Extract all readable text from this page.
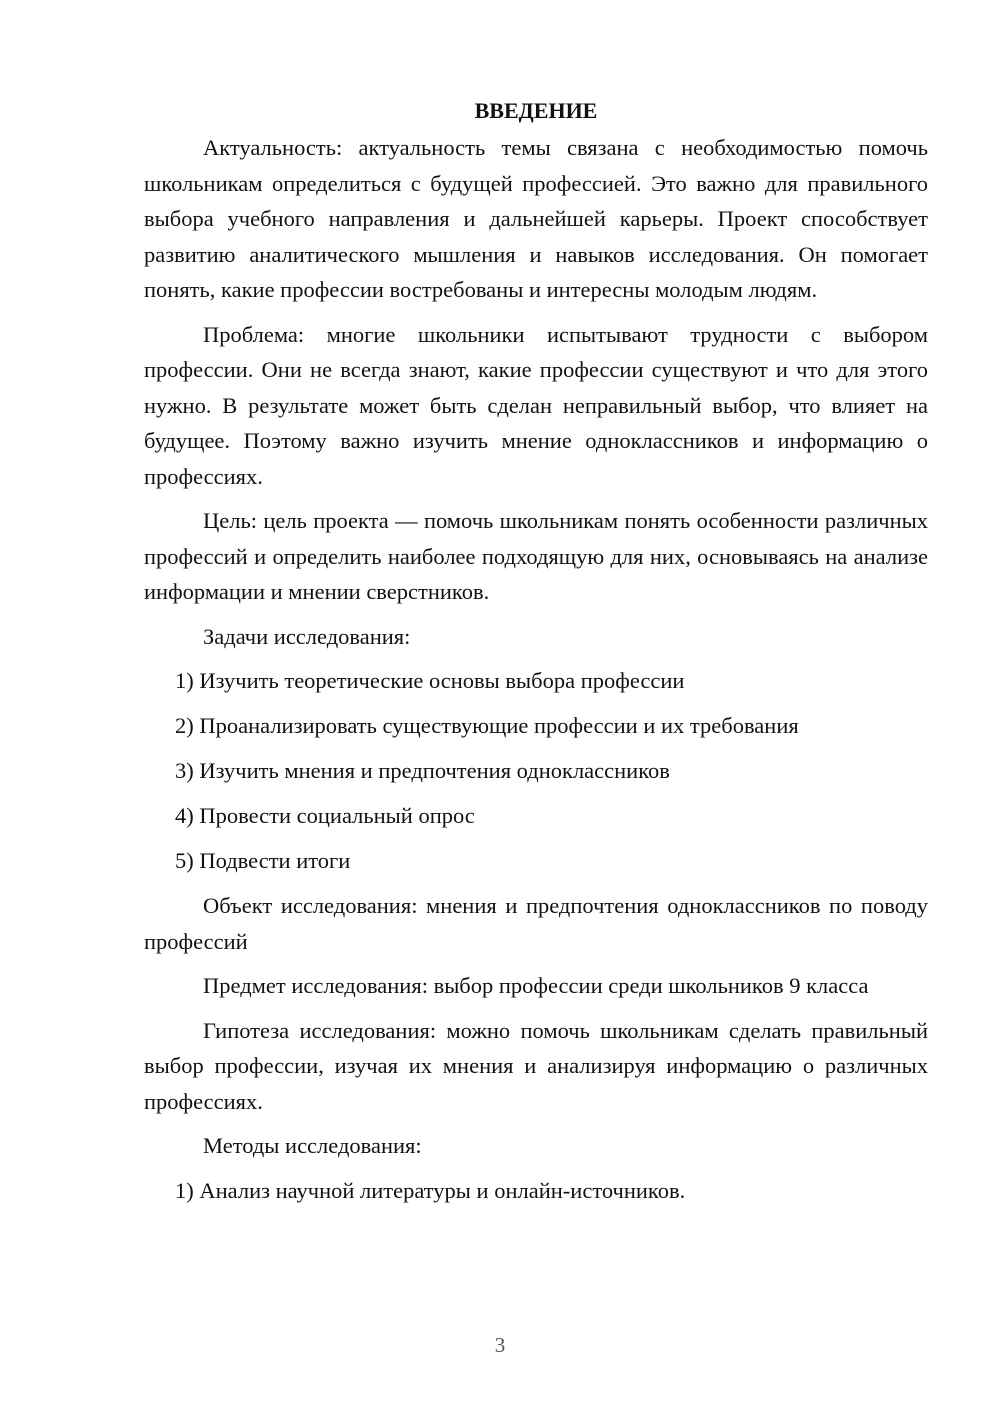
ВВЕДЕНИЕ

Актуальность: актуальность темы связана с необходимостью помочь школьникам определиться с будущей профессией. Это важно для правильного выбора учебного направления и дальнейшей карьеры. Проект способствует развитию аналитического мышления и навыков исследования. Он помогает понять, какие профессии востребованы и интересны молодым людям.

Проблема: многие школьники испытывают трудности с выбором профессии. Они не всегда знают, какие профессии существуют и что для этого нужно. В результате может быть сделан неправильный выбор, что влияет на будущее. Поэтому важно изучить мнение одноклассников и информацию о профессиях.

Цель: цель проекта — помочь школьникам понять особенности различных профессий и определить наиболее подходящую для них, основываясь на анализе информации и мнении сверстников.

Задачи исследования:

1) Изучить теоретические основы выбора профессии
2) Проанализировать существующие профессии и их требования
3) Изучить мнения и предпочтения одноклассников
4) Провести социальный опрос
5) Подвести итоги

Объект исследования: мнения и предпочтения одноклассников по поводу профессий

Предмет исследования: выбор профессии среди школьников 9 класса

Гипотеза исследования: можно помочь школьникам сделать правильный выбор профессии, изучая их мнения и анализируя информацию о различных профессиях.

Методы исследования:

1) Анализ научной литературы и онлайн-источников.
3
